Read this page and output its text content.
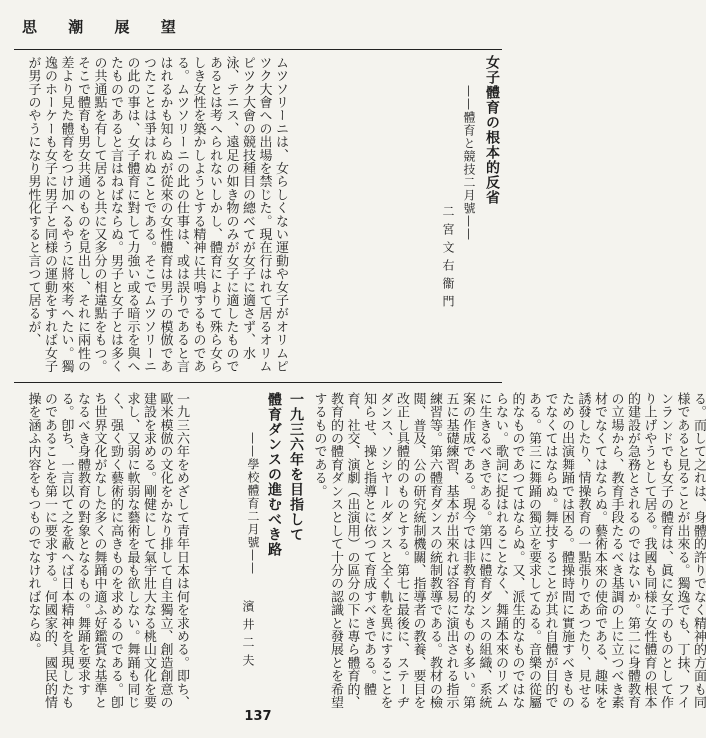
思 潮 展 望
女子體育の根本的反省
——體育と競技二月號——
二宮文右衞門

ムツソリーニは、女らしくない運動や女子がオリムピツク大會への出場を禁じた。現在行はれて居るオリムピツク大會の競技種目の總べてが女子に適さず、水泳、テニス、遠足の如き物のみが女子に適したものであるとは考へられないしかし、體育によりて殊ら女らしき女性を築かしようとする精神に共鳴するものである。ムツソリーニの此の仕事は、或は誤りであると言はれるかも知らぬが從來の女性體育は男子の模倣であつたことは爭はれぬことである。そこでムツソリーニの此の事は、女子體育に對して力強い或る暗示を與へたものであると言はねばならぬ。男子と女子とは多くの共通點を有して居ると共に又多分の相違點をもつ。そこで體育も男女共通のものを見出し、それに兩性の差より見た體育をつけ加へるやうに將來考へたい。獨逸のホーケーも女子に男子と同様の運動をすれば女子が男子のやうになり男性化すると言つて居るが、

る。而して之れは、身體的許りでなく精神的方面も同様であると見ることが出來る。獨逸でも、丁抹、フインランドでも女子の體育は、眞に女子のものとして作り上げやうとして居る。我國も同様に女性體育の根本的建設が急務とされるのではないか。第二に身體教育の立場から、教育手段たるべき基調の上に立つべき素材でなくてはならぬ。藝術本來の使命である、趣味を誘發したり、情操教育の一點張りであつたり、見せるための出演舞踊では困る。體操時間に實施すべきものでなくてはならぬ。舞技することが其れ自體が目的である。第三に舞踊の獨立を要求してゐる。音樂の從屬的なものであつてはならぬ。又、派生的なものではならない。歌詞に捉はれることなく、舞踊本來のリズムに生きるべきである。第四に體育ダンスの組織、系統案の作成である。現今では非教育的なものも多い。第五に基礎練習、基本が出來れば容易に演出される指示練習等。第六體育ダンスの統制教導である。教材の檢閲、普及、公の研究統制機關、指導者の教養、要目を改正し具體的のものとする。第七に最後に、ステーヂダンス、ソシヤールダンスと全く軌を異にすることを知らせ、操と指導とに依つて育成すべきである。體育、社交、演劇（出演用）の區分の下に專ら體育的、教育的の體育ダンスとして十分の認識と發展とを希望するものである。

一九三六年を目指して
體育ダンスの進むべき路
——學校體育二月號——
濱井二夫

一九三六年をめざして青年日本は何を求める。即ち、歐米模倣の文化をかなり排して自主獨立、創造創意の建設を求める。剛健にして氣宇壯大なる桃山文化を要求し、又弱に軟弱な藝術を最も欲しない。舞踊も同じく、强く勁く藝術的に高きものを求めるのである。卽ち世界文化がなした多くの舞踊中適ふ好鑑賞な基準となるべき身體教育の對象となるもの。舞踊を要求する。卽ち、一言以て之を蔽へば日本精神を具現したものであることを第一に要求する。何國家的、國民的情操を涵ふ内容をもつものでなければならぬ。

137
